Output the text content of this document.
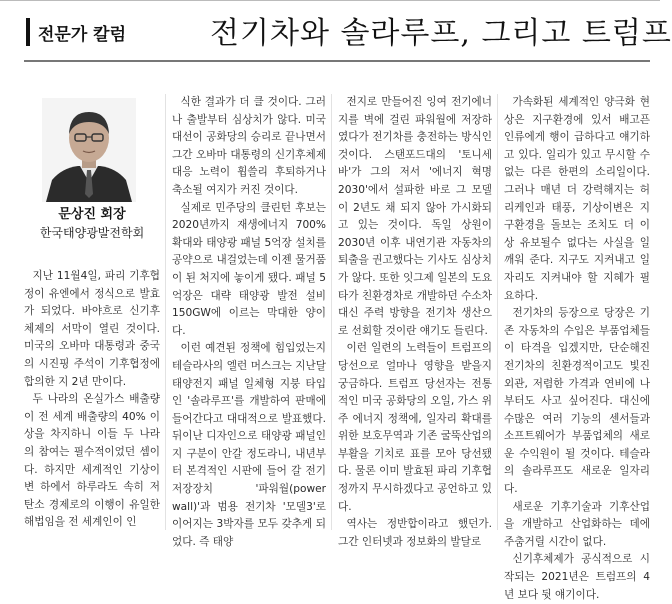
전문가 칼럼	전기차와 솔라루프, 그리고 트럼프
문상진 회장
한국태양광발전학회

지난 11월4일, 파리 기후협정이 유엔에서 정식으로 발효가 되었다. 바야흐로 신기후체제의 서막이 열린 것이다. 미국의 오바마 대통령과 중국의 시진핑 주석이 기후협정에 합의한 지 2년 만이다.

두 나라의 온실가스 배출량이 전 세계 배출량의 40% 이상을 차지하니 이들 두 나라의 참여는 필수적이었던 셈이다. 하지만 세계적인 기상이변 하에서 하루라도 속히 저탄소 경제로의 이행이 유일한 해법임을 전 세계인이 인

식한 결과가 더 클 것이다. 그러나 출발부터 심상치가 않다. 미국 대선이 공화당의 승리로 끝나면서 그간 오바마 대통령의 신기후체제 대응 노력이 휩쓸리 후퇴하거나 축소될 여지가 커진 것이다.

실제로 민주당의 클린턴 후보는 2020년까지 재생에너지 700% 확대와 태양광 패널 5억장 설치를 공약으로 내걸었는데 이젠 물거품이 된 처지에 놓이게 됐다. 패널 5억장은 대략 태양광 발전 설비 150GW에 이르는 막대한 양이다.

이런 예견된 정책에 힘입었는지 테슬라사의 엘런 머스크는 지난달 태양전지 패널 일체형 지붕 타입인 '솔라루프'를 개발하여 판매에 들어간다고 대대적으로 발표했다. 뒤이난 디자인으로 태양광 패널인지 구분이 안갈 정도라니, 내년부터 본격적인 시판에 들어 갈 전기 저장장치 '파워월(power wall)'과 범용 전기차 '모델3'로 이어지는 3박자를 모두 갖추게 되었다. 즉 태양

전지로 만들어진 잉여 전기에너지를 벽에 걸린 파워월에 저장하였다가 전기차를 충전하는 방식인 것이다. 스탠포드대의 '토니세바'가 그의 저서 '에너지 혁명 2030'에서 설파한 바로 그 모델이 2년도 채 되지 않아 가시화되고 있는 것이다. 독일 상원이 2030년 이후 내연기관 자동차의 퇴출을 권고했다는 기사도 심상치가 않다. 또한 잇그제 일본의 도요타가 친환경차로 개발하던 수소차 대신 주력 방향을 전기차 생산으로 선회할 것이란 얘기도 들린다.

이런 일련의 노력들이 트럼프의 당선으로 얼마나 영향을 받을지 궁금하다. 트럼프 당선자는 전통적인 미국 공화당의 오일, 가스 위주 에너지 정책에, 일자리 확대를 위한 보호무역과 기존 굴뚝산업의 부활을 기치로 표를 모아 당선됐다. 물론 이미 발효된 파리 기후협정까지 무시하겠다고 공언하고 있다.

역사는 정반합이라고 했던가. 그간 인터넷과 정보화의 발달로

가속화된 세계적인 양극화 현상은 지구환경에 있서 배고픈 인류에게 행이 급하다고 얘기하고 있다. 일리가 있고 무시할 수 없는 다른 한편의 소리일이다. 그러나 매년 더 강력해지는 허리케인과 태풍, 기상이변은 지구환경을 돌보는 조치도 더 이상 유보될수 없다는 사실을 일깨워 준다. 지구도 지켜내고 일자리도 지켜내야 할 지혜가 필요하다.

전기차의 등장으로 당장은 기존 자동차의 수입은 부품업체들이 타격을 입겠지만, 단순해진 전기차의 친환경적이고도 빛진 외관, 저렴한 가격과 연비에 나부터도 사고 싶어진다. 대신에 수많은 여러 기능의 센서들과 소프트웨어가 부품업체의 새로운 수익원이 될 것이다. 테슬라의 솔라루프도 새로운 일자리다.

새로운 기후기술과 기후산업을 개발하고 산업화하는 데에 주춤거릴 시간이 없다.

신기후체제가 공식적으로 시작되는 2021년은 트럼프의 4년 보다 뒷 얘기이다.
